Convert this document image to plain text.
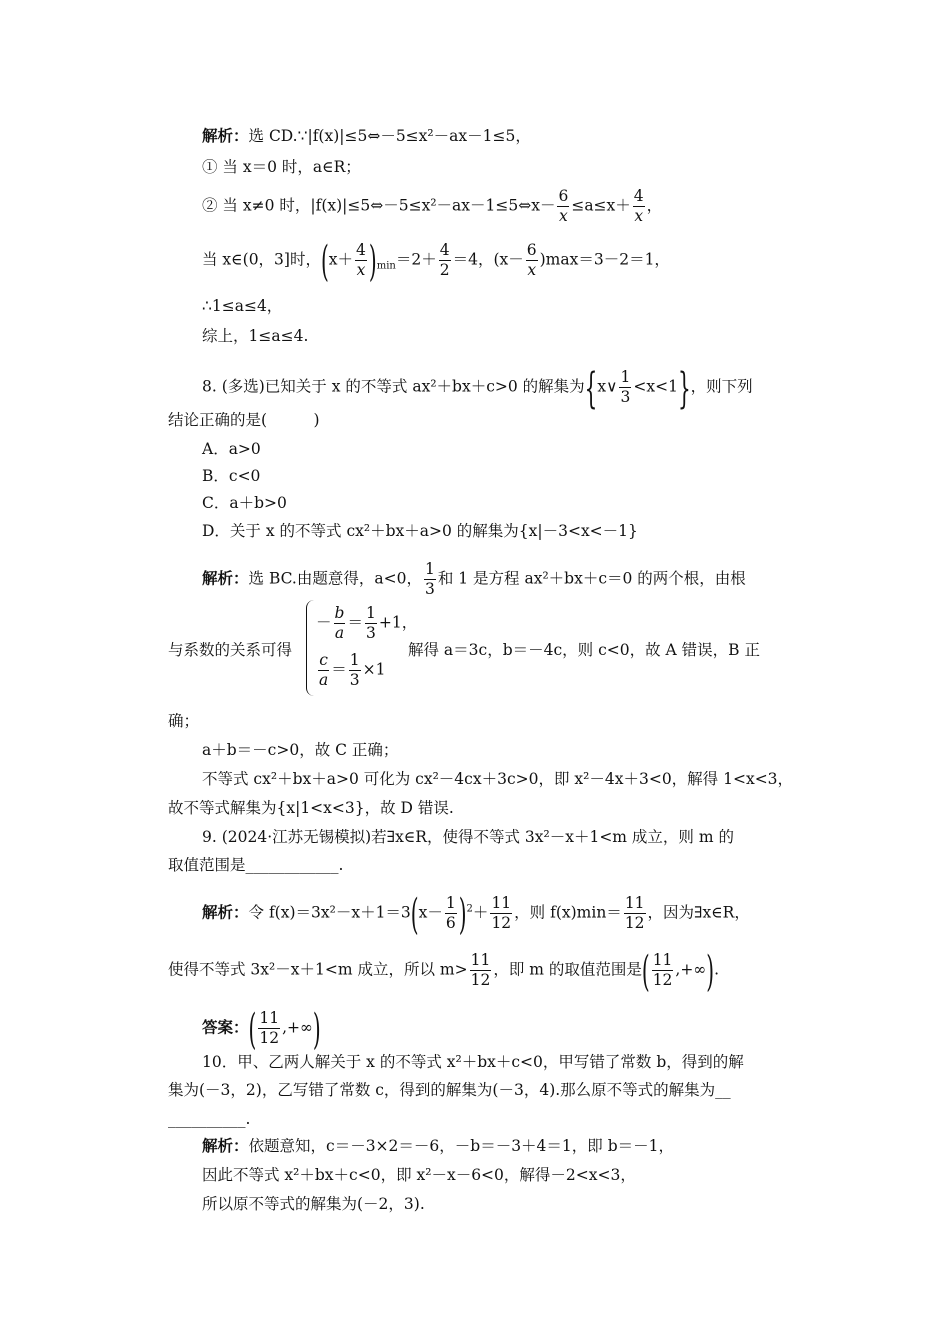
解析：选 CD.∵|f(x)|≤5⇔－5≤x²－ax－1≤5，
① 当 x＝0 时，a∈R；
② 当 x≠0 时，|f(x)|≤5⇔－5≤x²－ax－1≤5⇔x－ $\frac{6}{x} \le a\le x+ \frac{4}{x}$ ，
当 x∈(0，3]时，$(x+ \frac{4}{x} )_{min}=2+ \frac{4}{2} =4$，$(x- \frac{6}{x} )\max=3-2=1$，
∴1≤a≤4，
综上，1≤a≤4.
8. (多选)已知关于 x 的不等式 ax²＋bx＋c>0 的解集为{x∨ $\frac{1}{3} <x<1$}，则下列
结论正确的是(　　　)
A．a>0
B．c<0
C．a＋b>0
D．关于 x 的不等式 cx²＋bx＋a>0 的解集为{x|－3<x<－1}
解析：选 BC.由题意得，a<0， $\frac{1}{3}$ 和 1 是方程 ax²＋bx＋c＝0 的两个根，由根
－ $\frac{b}{a} = \frac{1}{3} +1$，
$\frac{c}{a} = \frac{1}{3} \times 1$
与系数的关系可得	解得 a＝3c，b＝－4c，则 c<0，故 A 错误，B 正
确；
a＋b＝－c>0，故 C 正确；
不等式 cx²＋bx＋a>0 可化为 cx²－4cx＋3c>0，即 x²－4x＋3<0，解得 1<x<3，
故不等式解集为{x|1<x<3}，故 D 错误.
9. (2024·江苏无锡模拟)若∃x∈R，使得不等式 3x²－x＋1<m 成立，则 m 的
取值范围是____________.
解析：令 $f(x)=3x^2-x+1=3(x- \frac{1}{6} )^2+ \frac{11}{12}$ ，则 $f(x)\min= \frac{11}{12}$ ，因为∃x∈R，
使得不等式 3x²－x＋1<m 成立，所以 $m> \frac{11}{12}$ ，即 m 的取值范围是( $\frac{11}{12}$ ,+∞).
答案：( $\frac{11}{12}$ ,+∞)
10．甲、乙两人解关于 x 的不等式 x²＋bx＋c<0，甲写错了常数 b，得到的解
集为(－3，2)，乙写错了常数 c，得到的解集为(－3，4).那么原不等式的解集为__
__________.
解析：依题意知，c＝－3×2＝－6，－b＝－3＋4＝1，即 b＝－1，
因此不等式 x²＋bx＋c<0，即 x²－x－6<0，解得－2<x<3，
所以原不等式的解集为(－2，3).
